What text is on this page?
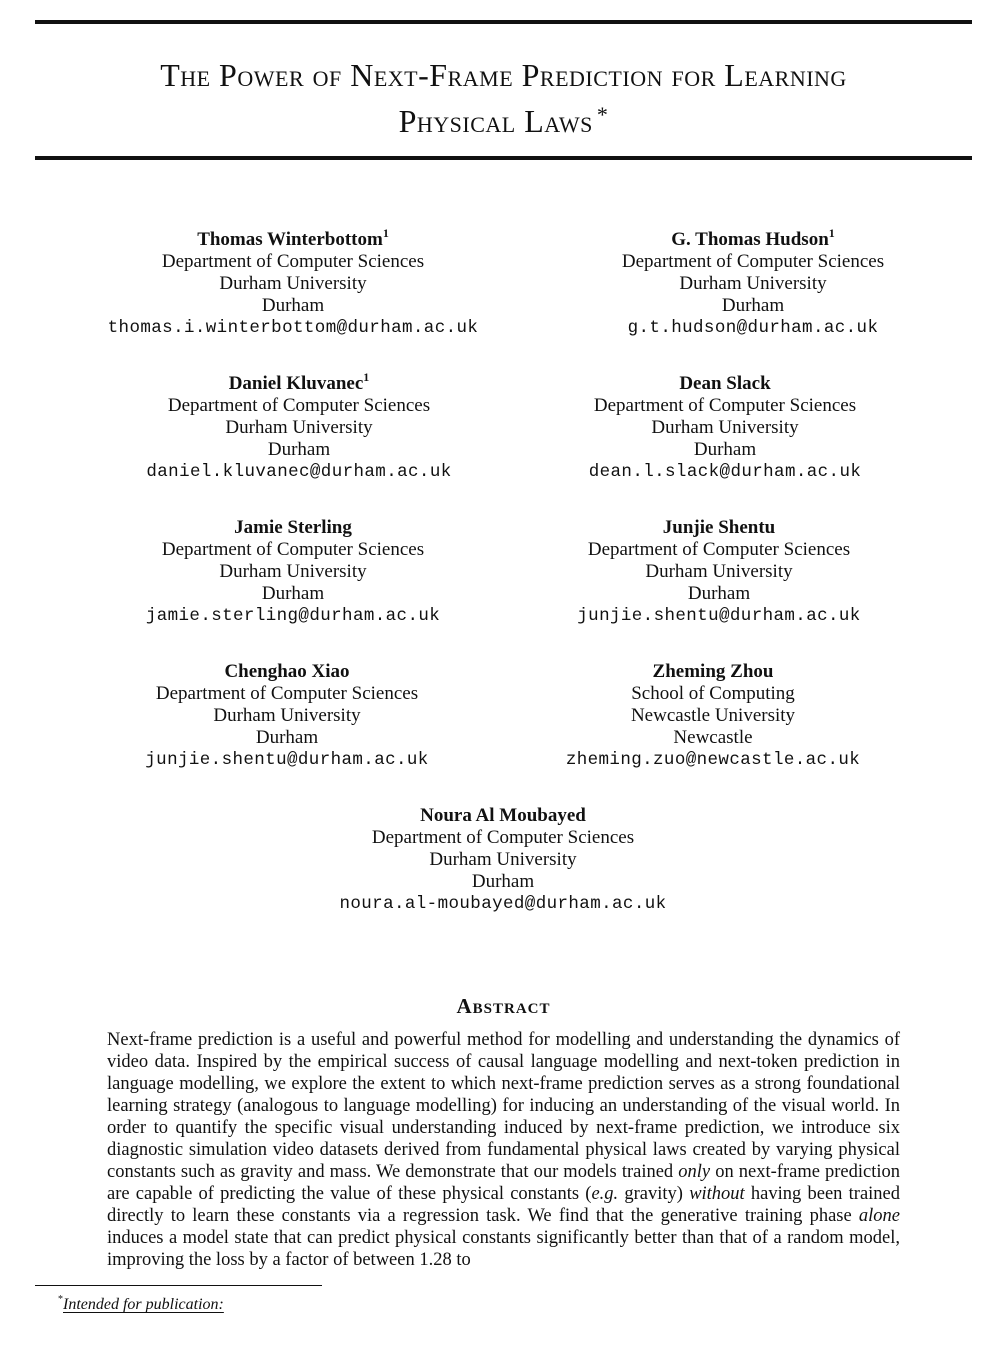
The Power of Next-Frame Prediction for Learning
Physical Laws *
Thomas Winterbottom$^1$
Department of Computer Sciences
Durham University
Durham
thomas.i.winterbottom@durham.ac.uk
G. Thomas Hudson$^1$
Department of Computer Sciences
Durham University
Durham
g.t.hudson@durham.ac.uk
Daniel Kluvanec$^1$
Department of Computer Sciences
Durham University
Durham
daniel.kluvanec@durham.ac.uk
Dean Slack
Department of Computer Sciences
Durham University
Durham
dean.l.slack@durham.ac.uk
Jamie Sterling
Department of Computer Sciences
Durham University
Durham
jamie.sterling@durham.ac.uk
Junjie Shentu
Department of Computer Sciences
Durham University
Durham
junjie.shentu@durham.ac.uk
Chenghao Xiao
Department of Computer Sciences
Durham University
Durham
junjie.shentu@durham.ac.uk
Zheming Zhou
School of Computing
Newcastle University
Newcastle
zheming.zuo@newcastle.ac.uk
Noura Al Moubayed
Department of Computer Sciences
Durham University
Durham
noura.al-moubayed@durham.ac.uk
Abstract

Next-frame prediction is a useful and powerful method for modelling and understanding the dynamics of video data. Inspired by the empirical success of causal language modelling and next-token prediction in language modelling, we explore the extent to which next-frame prediction serves as a strong foundational learning strategy (analogous to language modelling) for inducing an understanding of the visual world. In order to quantify the specific visual understanding induced by next-frame prediction, we introduce six diagnostic simulation video datasets derived from fundamental physical laws created by varying physical constants such as gravity and mass. We demonstrate that our models trained only on next-frame prediction are capable of predicting the value of these physical constants (e.g. gravity) without having been trained directly to learn these constants via a regression task. We find that the generative training phase alone induces a model state that can predict physical constants significantly better than that of a random model, improving the loss by a factor of between 1.28 to

*Intended for publication:
